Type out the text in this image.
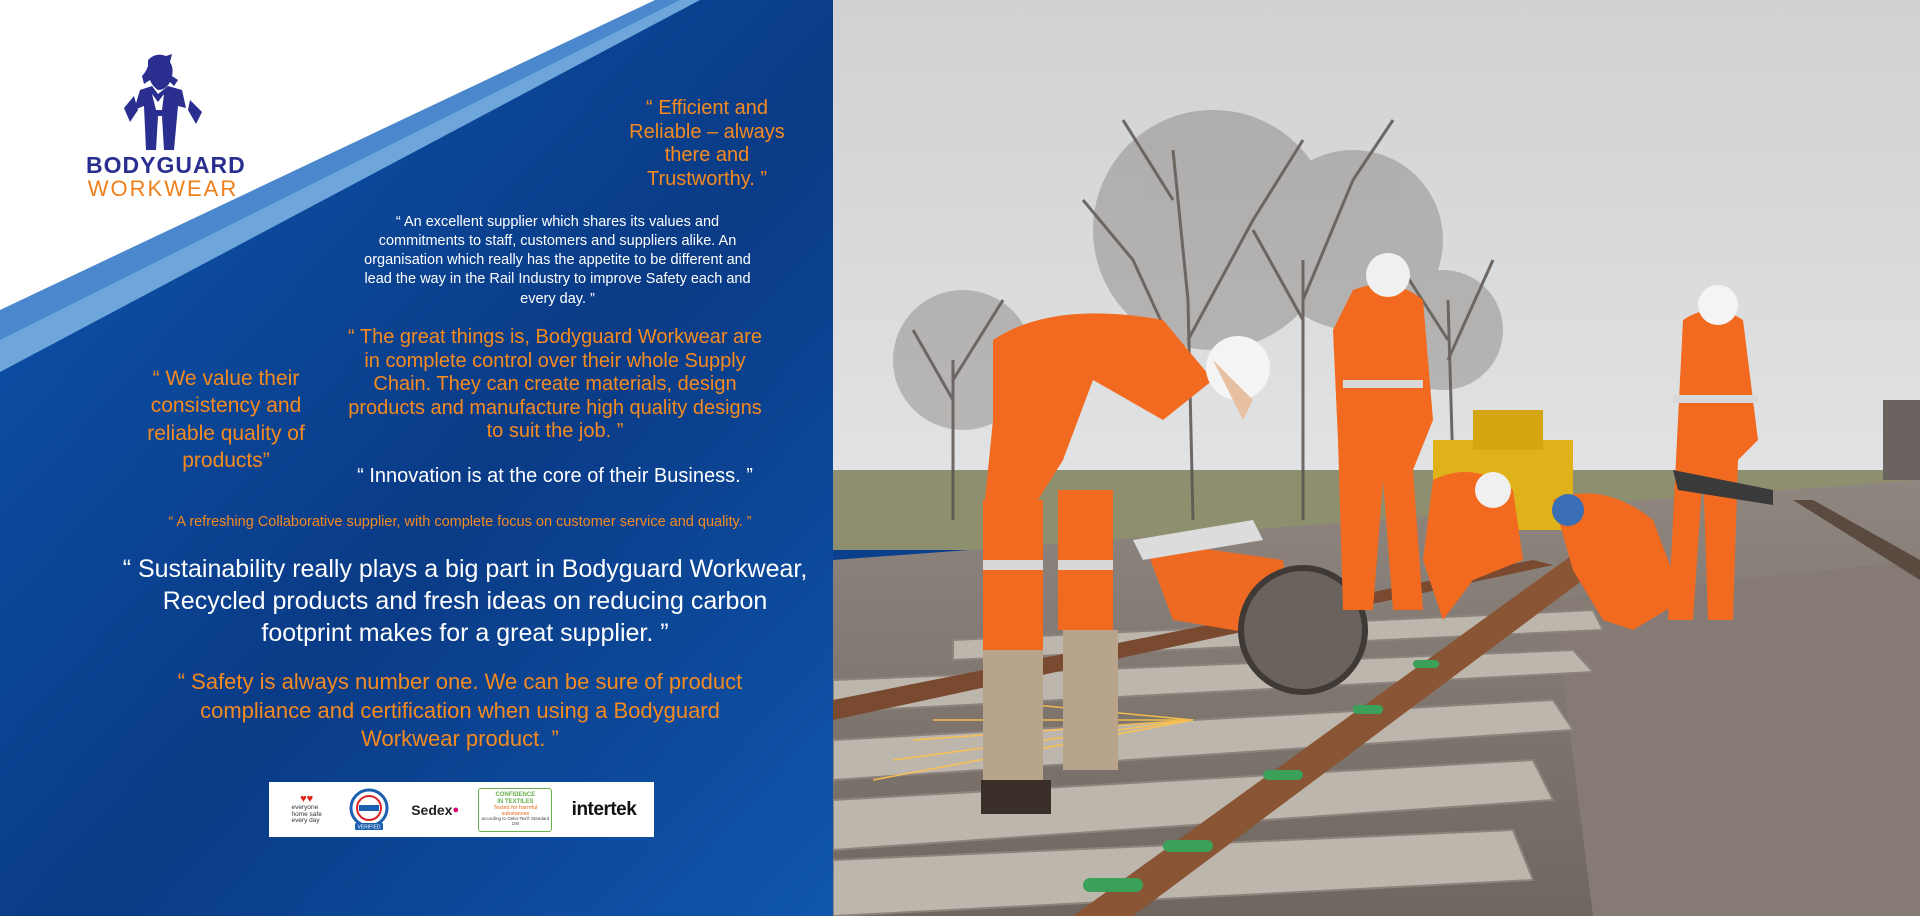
BODYGUARD
WORKWEAR
“ Efficient and Reliable – always there and Trustworthy. ”
“ An excellent supplier which shares its values and commitments to staff, customers and suppliers alike. An organisation which really has the appetite to be different and lead the way in the Rail Industry to improve Safety each and every day. ”
“ The great things is, Bodyguard Workwear are in complete control over their whole Supply Chain. They can create materials, design products and manufacture high quality designs to suit the job. ”
“ We value their consistency and reliable quality of products”
“ Innovation is at the core of their Business. ”
“ A refreshing Collaborative supplier, with complete focus on customer service and quality. ”
“ Sustainability really plays a big part in Bodyguard Workwear, Recycled products and fresh ideas on reducing carbon footprint makes for a great supplier. ”
“ Safety is always number one. We can be sure of product compliance and certification when using a Bodyguard Workwear product. ”
♥♥
everyone
home safe
every day
VERIFIED
Sedex ●
CONFIDENCE
IN TEXTILES
Tested for harmful substances
according to Oeko-Tex® Standard 100
intertek
